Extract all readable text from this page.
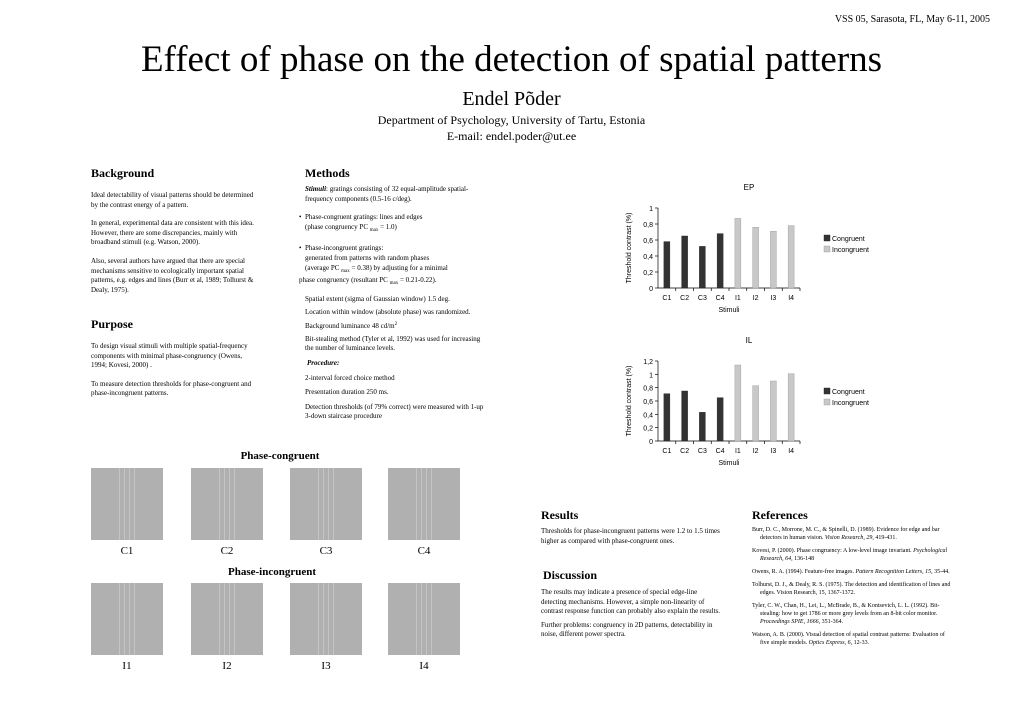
VSS 05, Sarasota, FL, May 6-11, 2005
Effect of phase on the detection of spatial patterns
Endel Põder
Department of Psychology, University of Tartu, Estonia
E-mail: endel.poder@ut.ee
Background

Ideal detectability of visual patterns should be determined by the contrast energy of a pattern.

In general, experimental data are consistent with this idea. However, there are some discrepancies, mainly with broadband stimuli (e.g. Watson, 2000).

Also, several authors have argued that there are special mechanisms sensitive to ecologically important spatial patterns, e.g. edges and lines (Burr et al, 1989; Tolhurst & Dealy, 1975).

Purpose

To design visual stimuli with multiple spatial-frequency components with minimal phase-congruency (Owens, 1994; Kovesi, 2000) .

To measure detection thresholds for phase-congruent and phase-incongruent patterns.

Methods

Stimuli: gratings consisting of 32 equal-amplitude spatial-frequency components (0.5-16 c/deg).

• Phase-congruent gratings: lines and edges
(phase congruency PC $_{max}$ = 1.0)
• Phase-incongruent gratings:
generated from patterns with random phases
(average PC $_{max}$ = 0.38) by adjusting for a minimal
phase congruency (resultant PC $_{max}$ = 0.21-0.22).

Spatial extent (sigma of Gaussian window) 1.5 deg.

Location within window (absolute phase) was randomized.

Background luminance 48 $cd/m^2$

Bit-stealing method (Tyler et al, 1992) was used for increasing the number of luminance levels.

Procedure:

2-interval forced choice method

Presentation duration 250 ms.

Detection thresholds (of 79% correct) were measured with 1-up 3-down staircase procedure

Phase-congruent
C1	C2	C3	C4
Phase-incongruent
I1	I2	I3	I4
EP
0
0,2
0,4
0,6
0,8
1
Threshold contrast (%)
C1 C2 C3 C4 I1 I2 I3 I4
Stimuli
Congruent
Incongruent
IL
0
0,2
0,4
0,6
0,8
1
1,2
Threshold contrast (%)
C1 C2 C3 C4 I1 I2 I3 I4
Stimuli
Congruent
Incongruent
Results
Thresholds for phase-incongruent patterns were 1.2 to 1.5 times higher as compared with phase-congruent ones.
Discussion

The results may indicate a presence of special edge-line detecting mechanisms. However, a simple non-linearity of contrast response function can probably also explain the results.

Further problems: congruency in 2D patterns, detectability in noise, different power spectra.

References

Burr, D. C., Morrone, M. C., & Spinelli, D. (1989). Evidence for edge and bar detectors in human vision. Vision Research, 29, 419-431.

Kovesi, P. (2000). Phase congruency: A low-level image invariant. Psychological Research, 64, 136-148

Owens, R. A. (1994). Feature-free images. Pattern Recognition Letters, 15, 35-44.

Tolhurst, D. J., & Dealy, R. S. (1975). The detection and identification of lines and edges. Vision Research, 15, 1367-1372.

Tyler, C. W., Chan, H., Lei, L., McBrade, B., & Kontsevich, L. L. (1992). Bit-stealing: how to get 1786 or more grey levels from an 8-bit color monitor. Proceedings SPIE, 1666, 351-364.

Watson, A. B. (2000). Visual detection of spatial contrast patterns: Evaluation of five simple models. Optics Express, 6, 12-33.
